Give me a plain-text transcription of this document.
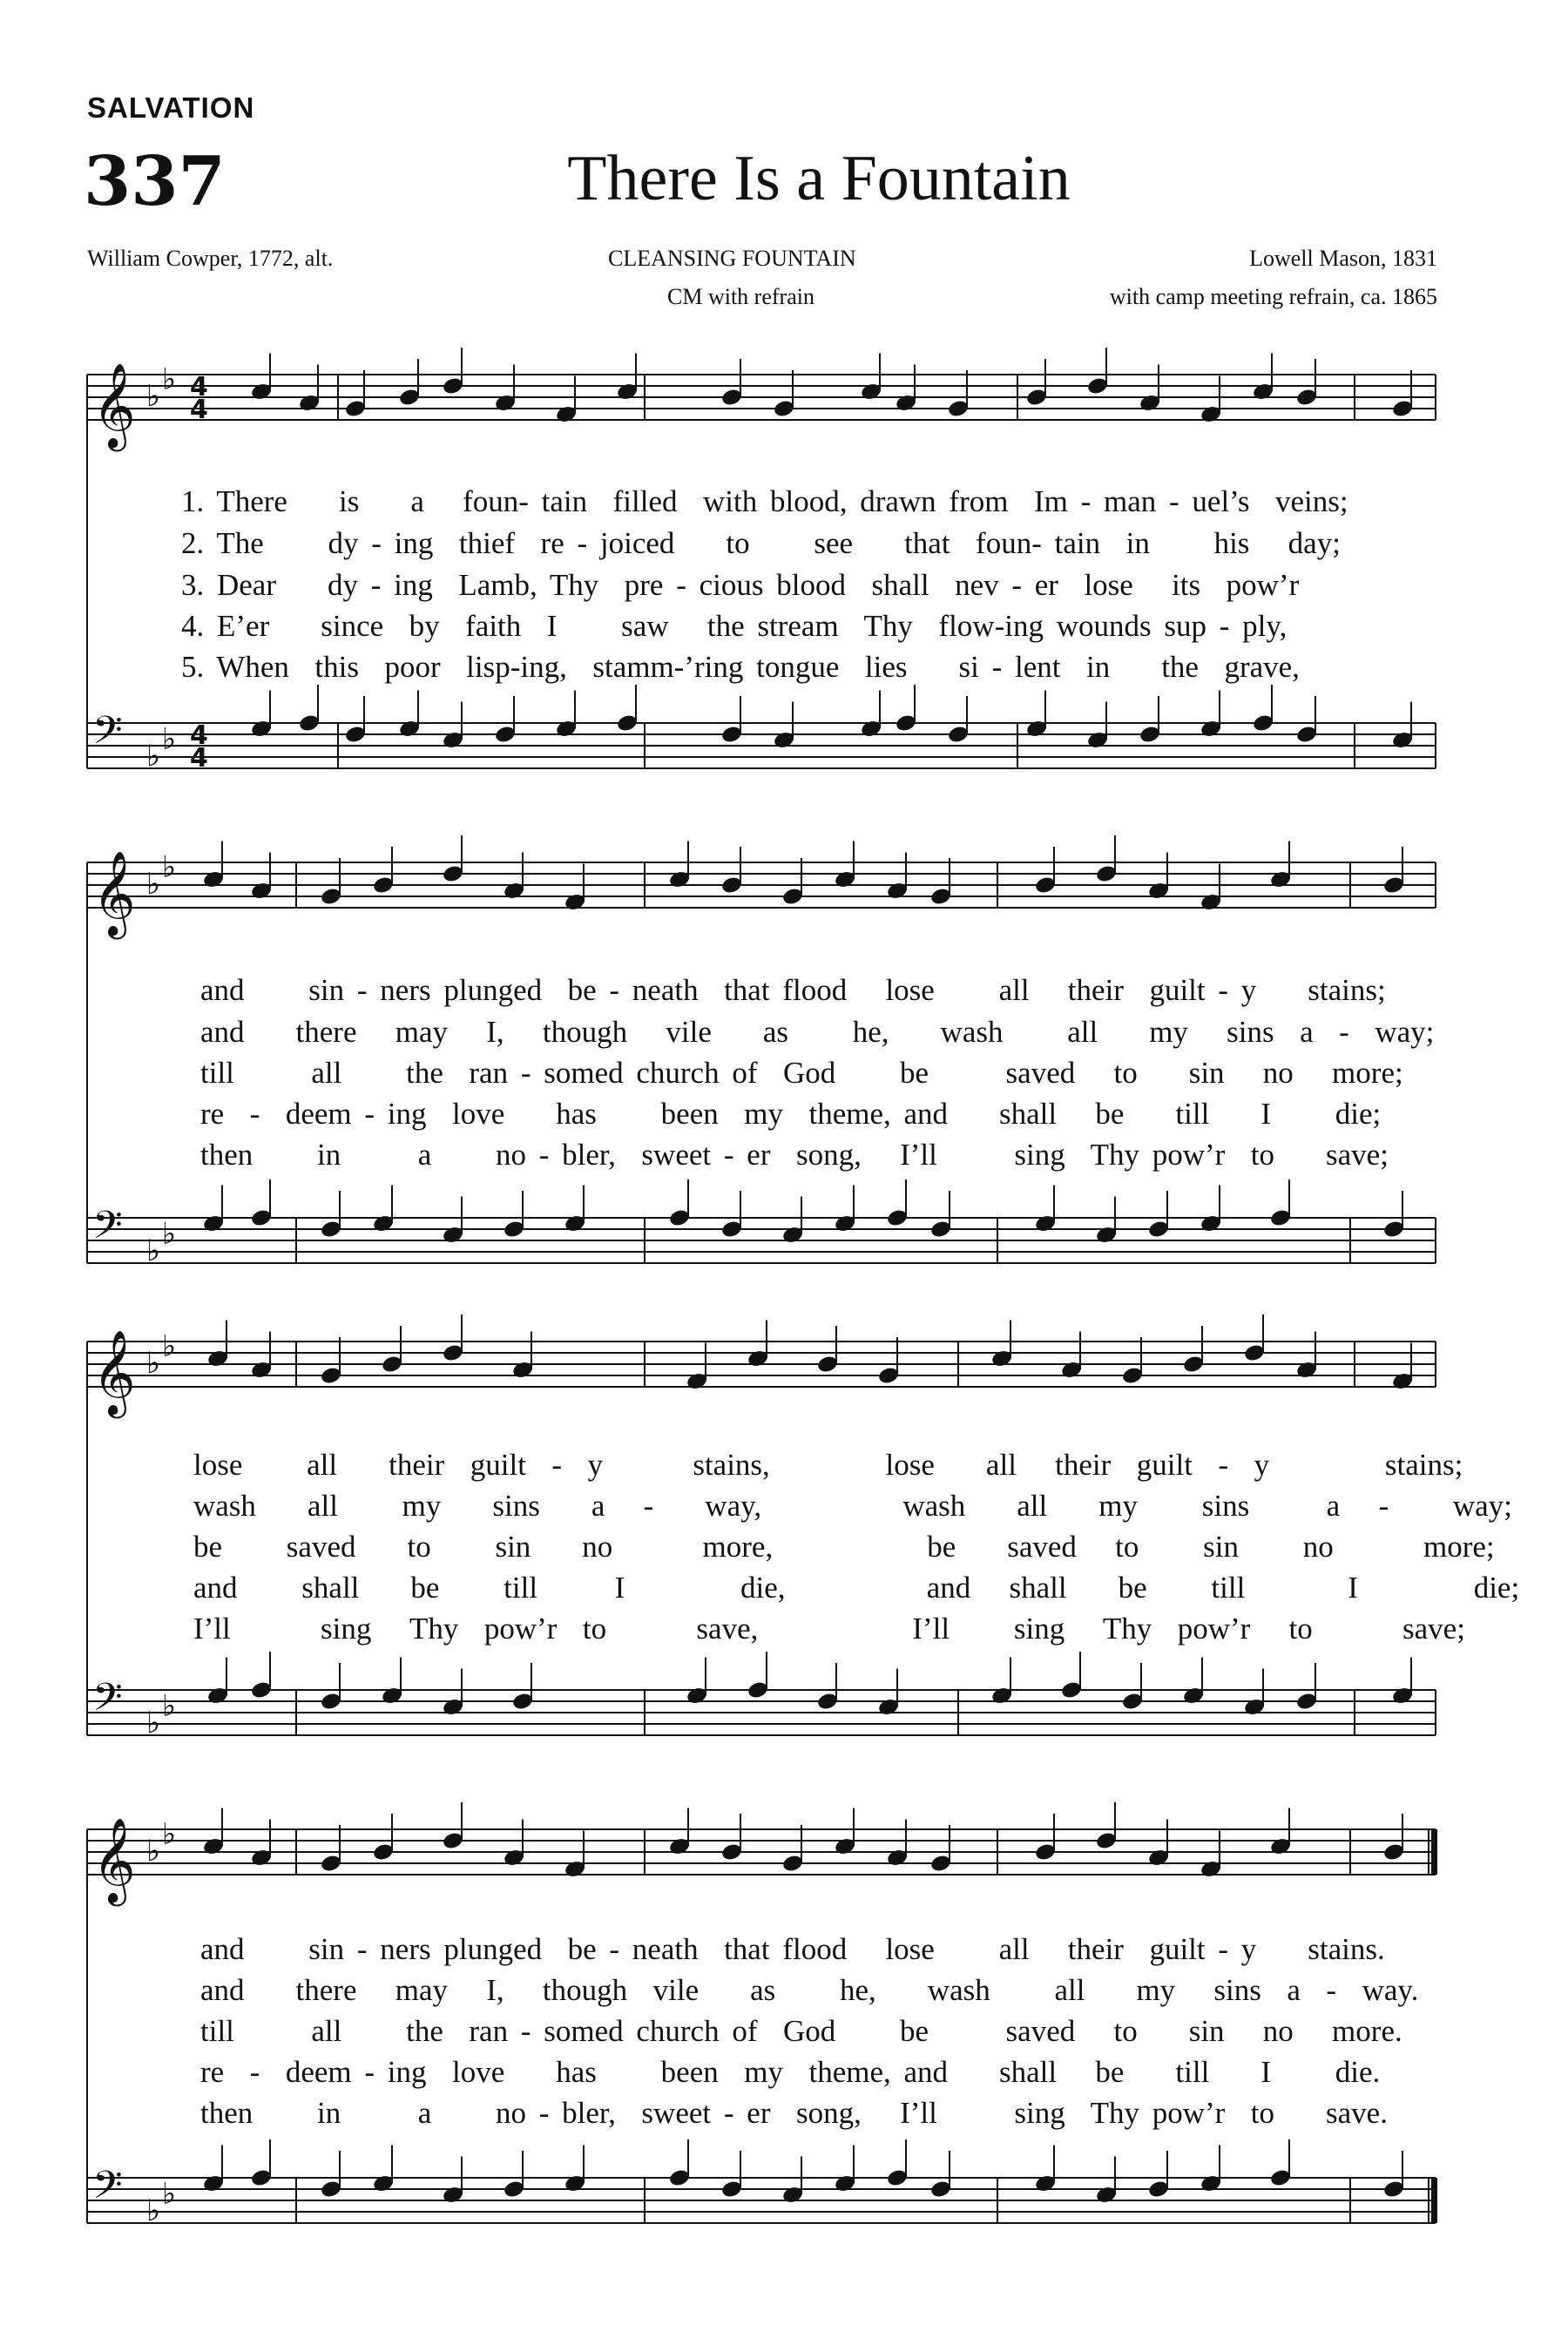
SALVATION
337	There Is a Fountain
William Cowper, 1772, alt.	CLEANSING FOUNTAIN
CM with refrain
Lowell Mason, 1831
with camp meeting refrain, ca. 1865
𝄞 ♭ ♭ 4
4
𝄢 ♭ ♭ 4
4
𝄞 ♭ ♭
𝄢 ♭ ♭
𝄞 ♭ ♭
𝄢 ♭ ♭
𝄞 ♭ ♭
𝄢 ♭ ♭
1. There    is    a   foun- tain  filled  with blood, drawn from  Im - man - uel’s  veins;
2. The     dy - ing  thief  re - joiced    to     see    that  foun- tain  in     his   day;
3. Dear    dy - ing  Lamb, Thy  pre - cious blood  shall  nev - er  lose   its  pow’r
4. E’er    since  by  faith  I     saw   the stream  Thy  flow-ing wounds sup - ply,
5. When  this  poor  lisp-ing,  stamm-’ring tongue  lies    si - lent  in    the  grave,
and     sin - ners plunged  be - neath  that flood   lose     all   their  guilt - y    stains;
and    there   may   I,   though   vile    as     he,    wash     all    my   sins  a  -  way;
till      all     the  ran - somed church of  God     be      saved   to    sin   no   more;
re  -  deem - ing  love    has     been  my  theme, and    shall   be    till    I     die;
then     in      a     no - bler,  sweet - er  song,   I’ll      sing  Thy pow’r  to    save;
lose     all    their  guilt  -  y       stains,         lose    all   their  guilt  -  y         stains;
wash    all     my    sins    a   -    way,           wash    all    my     sins      a   -     way;
be     saved    to     sin    no       more,            be    saved   to     sin     no       more;
and     shall    be     till      I         die,           and   shall    be     till        I         die;
I’ll       sing   Thy  pow’r  to       save,            I’ll     sing   Thy  pow’r   to       save;
and     sin - ners plunged  be - neath  that flood   lose     all   their  guilt - y    stains.
and    there   may   I,   though  vile    as     he,    wash     all    my   sins  a  -  way.
till      all     the  ran - somed church of  God     be      saved   to    sin   no   more.
re  -  deem - ing  love    has     been  my  theme, and    shall   be    till    I     die.
then     in      a     no - bler,  sweet - er  song,   I’ll      sing  Thy pow’r  to    save.
